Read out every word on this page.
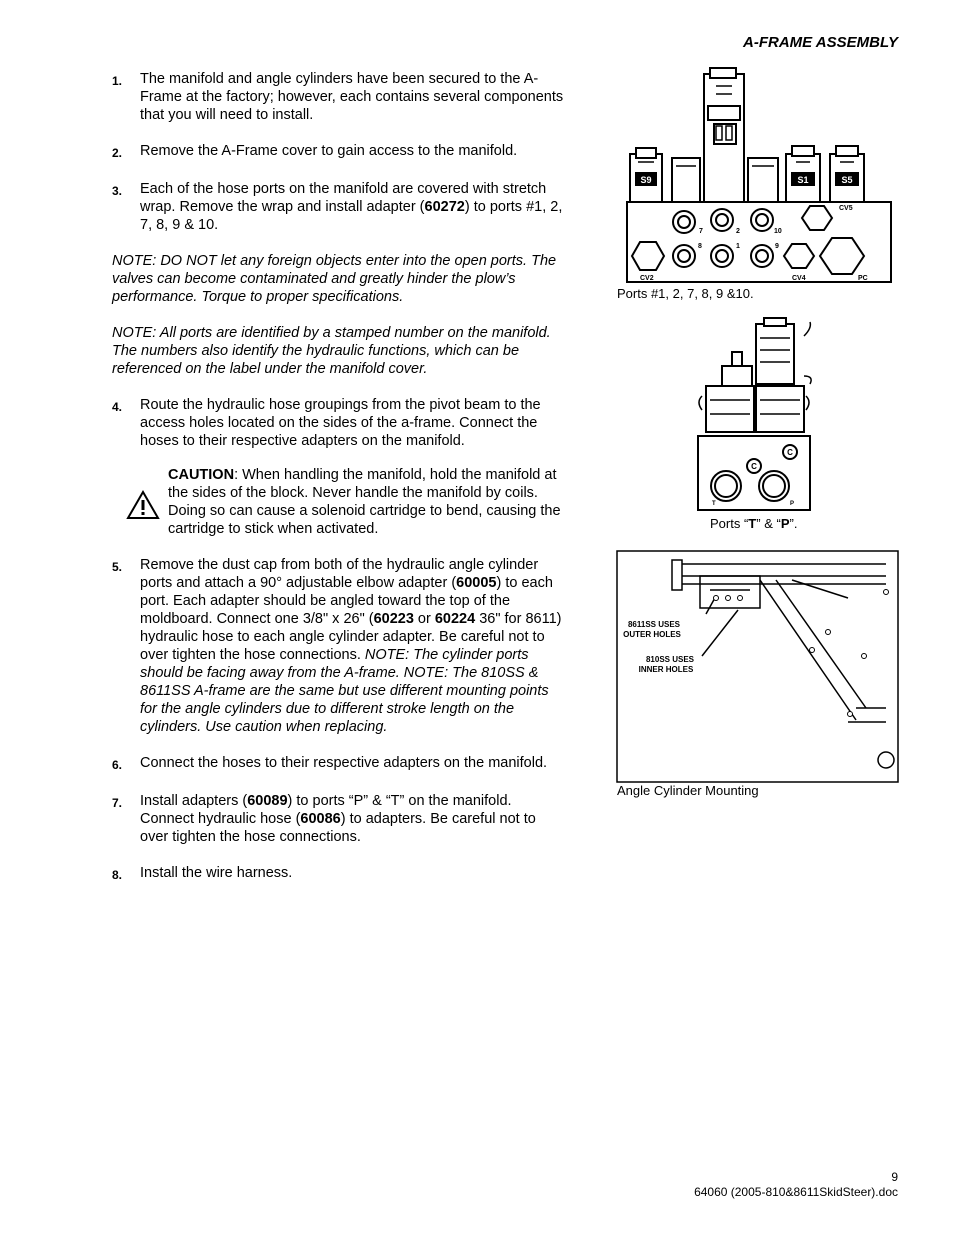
A-FRAME ASSEMBLY
1.	The manifold and angle cylinders have been secured to the A-Frame at the factory; however, each contains several components that you will need to install.
2.	Remove the A-Frame cover to gain access to the manifold.
3.	Each of the hose ports on the manifold are covered with stretch wrap. Remove the wrap and install adapter (60272) to ports #1, 2, 7, 8, 9 & 10.
NOTE: DO NOT let any foreign objects enter into the open ports. The valves can become contaminated and greatly hinder the plow’s performance. Torque to proper specifications.
NOTE: All ports are identified by a stamped number on the manifold. The numbers also identify the hydraulic functions, which can be referenced on the label under the manifold cover.
4.	Route the hydraulic hose groupings from the pivot beam to the access holes located on the sides of the a-frame. Connect the hoses to their respective adapters on the manifold.
CAUTION: When handling the manifold, hold the manifold at the sides of the block. Never handle the manifold by coils. Doing so can cause a solenoid cartridge to bend, causing the cartridge to stick when activated.
5.	Remove the dust cap from both of the hydraulic angle cylinder ports and attach a 90° adjustable elbow adapter (60005) to each port. Each adapter should be angled toward the top of the moldboard. Connect one 3/8" x 26" (60223 or 60224 36" for 8611) hydraulic hose to each angle cylinder adapter. Be careful not to over tighten the hose connections. NOTE: The cylinder ports should be facing away from the A-frame. NOTE: The 810SS & 8611SS A-frame are the same but use different mounting points for the angle cylinders due to different stroke length on the cylinders. Use caution when replacing.
6.	Connect the hoses to their respective adapters on the manifold.
7.	Install adapters (60089) to ports “P” & “T” on the manifold. Connect hydraulic hose (60086) to adapters. Be careful not to over tighten the hose connections.
8.	Install the wire harness.
S9	S1	S5
CV5
7	2	10
8	1	9
CV2	CV4	PC
Ports #1, 2, 7, 8, 9 &10.
C
C
T	P
Ports “T” & “P”.
8611SS USES
OUTER HOLES
810SS USES
INNER HOLES
Angle Cylinder Mounting
9
64060 (2005-810&8611SkidSteer).doc
